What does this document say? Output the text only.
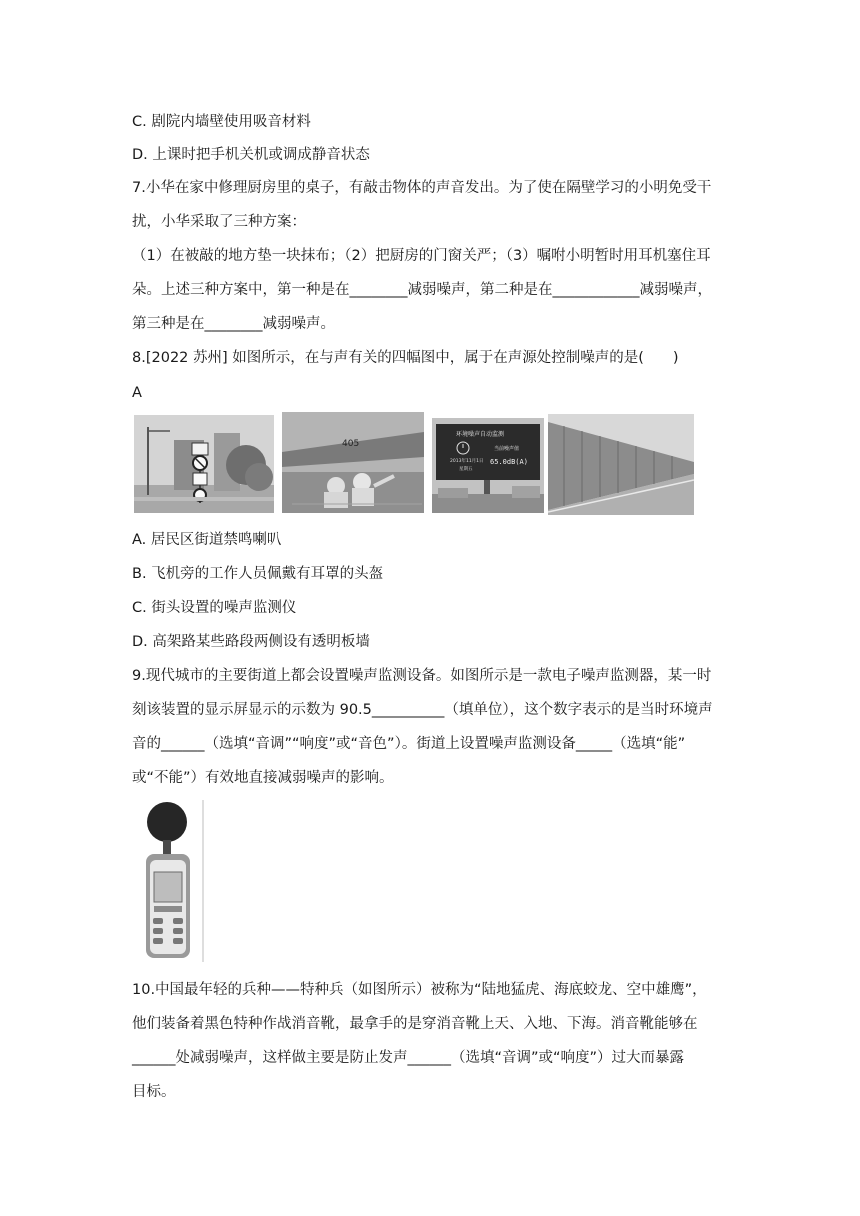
C. 剧院内墙壁使用吸音材料
D. 上课时把手机关机或调成静音状态
7.小华在家中修理厨房里的桌子，有敲击物体的声音发出。为了使在隔壁学习的小明免受干
扰，小华采取了三种方案：
（1）在被敲的地方垫一块抹布；（2）把厨房的门窗关严；（3）嘱咐小明暂时用耳机塞住耳
朵。上述三种方案中，第一种是在________减弱噪声，第二种是在____________减弱噪声，
第三种是在________减弱噪声。
8.[2022 苏州] 如图所示，在与声有关的四幅图中，属于在声源处控制噪声的是(　　)
A
405
环境噪声自动监测
2013年11月1日
星期五
当前噪声值
65.0dB(A)
A. 居民区街道禁鸣喇叭
B. 飞机旁的工作人员佩戴有耳罩的头盔
C. 街头设置的噪声监测仪
D. 高架路某些路段两侧设有透明板墙
9.现代城市的主要街道上都会设置噪声监测设备。如图所示是一款电子噪声监测器，某一时
刻该装置的显示屏显示的示数为 90.5__________（填单位），这个数字表示的是当时环境声
音的______（选填“音调”“响度”或“音色”）。街道上设置噪声监测设备_____（选填“能”
或“不能”）有效地直接减弱噪声的影响。
10.中国最年轻的兵种——特种兵（如图所示）被称为“陆地猛虎、海底蛟龙、空中雄鹰”，
他们装备着黑色特种作战消音靴，最拿手的是穿消音靴上天、入地、下海。消音靴能够在
______处减弱噪声，这样做主要是防止发声______（选填“音调”或“响度”）过大而暴露
目标。
